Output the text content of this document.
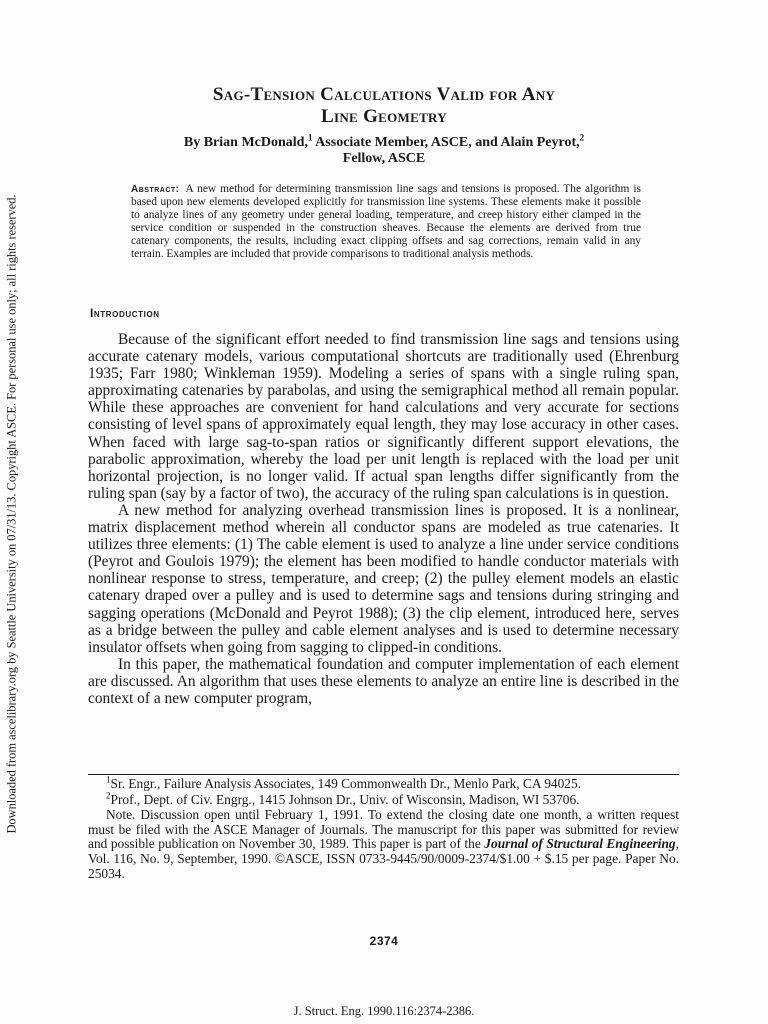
Downloaded from ascelibrary.org by Seattle University on 07/31/13. Copyright ASCE. For personal use only; all rights reserved.
Sag-Tension Calculations Valid for Any
Line Geometry
By Brian McDonald,$^1$ Associate Member, ASCE, and Alain Peyrot,$^2$
Fellow, ASCE

Abstract: A new method for determining transmission line sags and tensions is proposed. The algorithm is based upon new elements developed explicitly for transmission line systems. These elements make it possible to analyze lines of any geometry under general loading, temperature, and creep history either clamped in the service condition or suspended in the construction sheaves. Because the elements are derived from true catenary components, the results, including exact clipping offsets and sag corrections, remain valid in any terrain. Examples are included that provide comparisons to traditional analysis methods.

Introduction

Because of the significant effort needed to find transmission line sags and tensions using accurate catenary models, various computational shortcuts are traditionally used (Ehrenburg 1935; Farr 1980; Winkleman 1959). Modeling a series of spans with a single ruling span, approximating catenaries by parabolas, and using the semigraphical method all remain popular. While these approaches are convenient for hand calculations and very accurate for sections consisting of level spans of approximately equal length, they may lose accuracy in other cases. When faced with large sag-to-span ratios or significantly different support elevations, the parabolic approximation, whereby the load per unit length is replaced with the load per unit horizontal projection, is no longer valid. If actual span lengths differ significantly from the ruling span (say by a factor of two), the accuracy of the ruling span calculations is in question.

A new method for analyzing overhead transmission lines is proposed. It is a nonlinear, matrix displacement method wherein all conductor spans are modeled as true catenaries. It utilizes three elements: (1) The cable element is used to analyze a line under service conditions (Peyrot and Goulois 1979); the element has been modified to handle conductor materials with nonlinear response to stress, temperature, and creep; (2) the pulley element models an elastic catenary draped over a pulley and is used to determine sags and tensions during stringing and sagging operations (McDonald and Peyrot 1988); (3) the clip element, introduced here, serves as a bridge between the pulley and cable element analyses and is used to determine necessary insulator offsets when going from sagging to clipped-in conditions.

In this paper, the mathematical foundation and computer implementation of each element are discussed. An algorithm that uses these elements to analyze an entire line is described in the context of a new computer program,

$^1$Sr. Engr., Failure Analysis Associates, 149 Commonwealth Dr., Menlo Park, CA 94025.

$^2$Prof., Dept. of Civ. Engrg., 1415 Johnson Dr., Univ. of Wisconsin, Madison, WI 53706.

Note. Discussion open until February 1, 1991. To extend the closing date one month, a written request must be filed with the ASCE Manager of Journals. The manuscript for this paper was submitted for review and possible publication on November 30, 1989. This paper is part of the Journal of Structural Engineering, Vol. 116, No. 9, September, 1990. ©ASCE, ISSN 0733-9445/90/0009-2374/$1.00 + $.15 per page. Paper No. 25034.

2374
J. Struct. Eng. 1990.116:2374-2386.
